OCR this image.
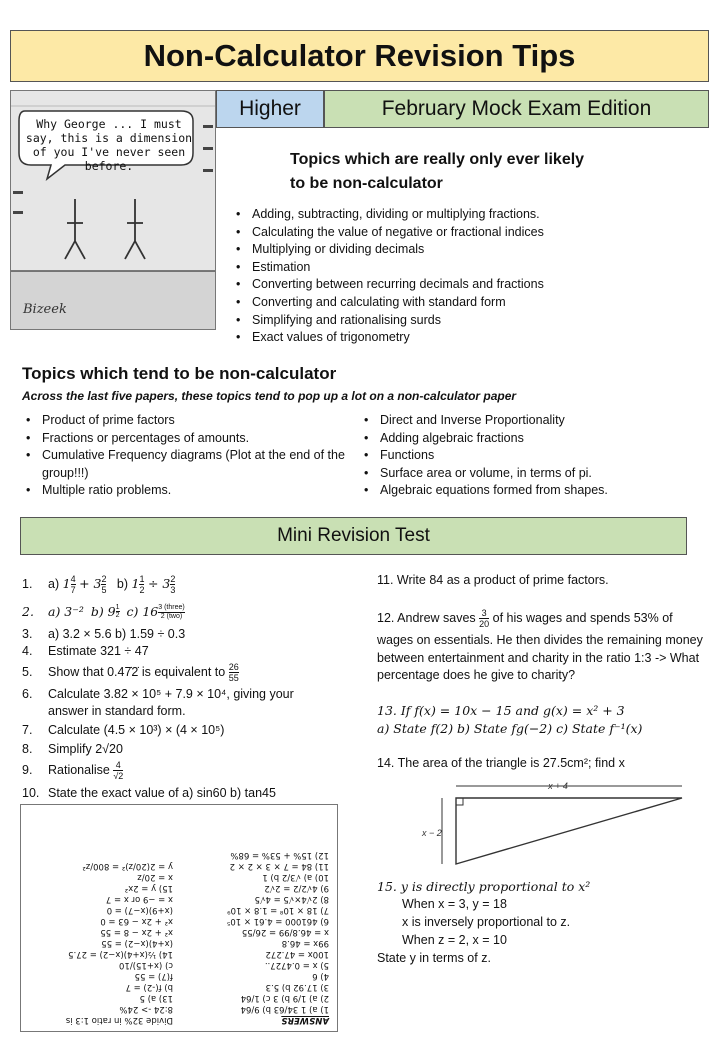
Non-Calculator Revision Tips
Bizeek
Why George ... I must say, this is a dimension of you I've never seen before.
Higher	February Mock Exam Edition
Topics which are really only ever likely to be non-calculator
• Adding, subtracting, dividing or multiplying fractions.
• Calculating the value of negative or fractional indices
• Multiplying or dividing decimals
• Estimation
• Converting between recurring decimals and fractions
• Converting and calculating with standard form
• Simplifying and rationalising surds
• Exact values of trigonometry
Topics which tend to be non-calculator
Across the last five papers, these topics tend to pop up a lot on a non-calculator paper
• Product of prime factors
• Fractions or percentages of amounts.
• Cumulative Frequency diagrams (Plot at the end of the group!!!)
• Multiple ratio problems.
• Direct and Inverse Proportionality
• Adding algebraic fractions
• Functions
• Surface area or volume, in terms of pi.
• Algebraic equations formed from shapes.
Mini Revision Test
1. a) $1 \frac{4}{7} + 3 \frac{2}{5} b$) $1 \frac{1}{2} \div 3 \frac{2}{3}$
2. a) 3⁻² b) $9 \frac{1}{2} c$) 16 3 (three)
2 (two)
3. a) 3.2 × 5.6 b) 1.59 ÷ 0.3
4. Estimate 321 ÷ 47
5. Show that 0.47̇2̇ is equivalent to $\frac{26}{55}$
6. Calculate 3.82 × 10⁵ + 7.9 × 10⁴, giving your
answer in standard form.
7. Calculate (4.5 × 10³) × (4 × 10⁵)
8. Simplify 2√20
9. Rationalise $\frac{4}{√2}$
10. State the exact value of a) sin60 b) tan45
11. Write 84 as a product of prime factors.
12. Andrew saves $\frac{3}{20}$ of his wages and spends 53% of
wages on essentials. He then divides the remaining money between entertainment and charity in the ratio 1:3 -> What percentage does he give to charity?
13. If f(x) = 10x − 15 and g(x) = x² + 3
a) State f(2) b) State fg(−2) c) State f⁻¹(x)
14. The area of the triangle is 27.5cm²; find x
x + 4
x − 2
15. y is directly proportional to x²
When x = 3, y = 18
x is inversely proportional to z.
When z = 2, x = 10
State y in terms of z.
ANSWERS
1) a) 1 34/63 b) 9/64
2) a) 1/9 b) 3 c) 1/64
3) 17.92 b) 5.3
4) 6
5) x = 0.4727..
100x = 47.272
99x = 46.8
x = 46.8/99 = 26/55
6) 461000 = 4.61 × 10⁵
7) 18 × 10⁸ = 1.8 × 10⁹
8) 2√4×√5 = 4√5
9) 4√2/2 = 2√2
10) a) √3/2 b) 1
11) 84 = 7 × 3 × 2 × 2
12) 15% + 53% = 68%
Divide 32% in ratio 1:3 is
8:24 -> 24%
13) a) 5
b) f(-2) = 7
f(7) = 55
c) (x+15)/10
14) ½(x+4)(x−2) = 27.5
(x+4)(x−2) = 55
x² + 2x − 8 = 55
x² + 2x − 63 = 0
(x+9)(x−7) = 0
x = −9 or x = 7
15) y = 2x²
x = 20/z
y = 2(20/z)² = 800/z²
